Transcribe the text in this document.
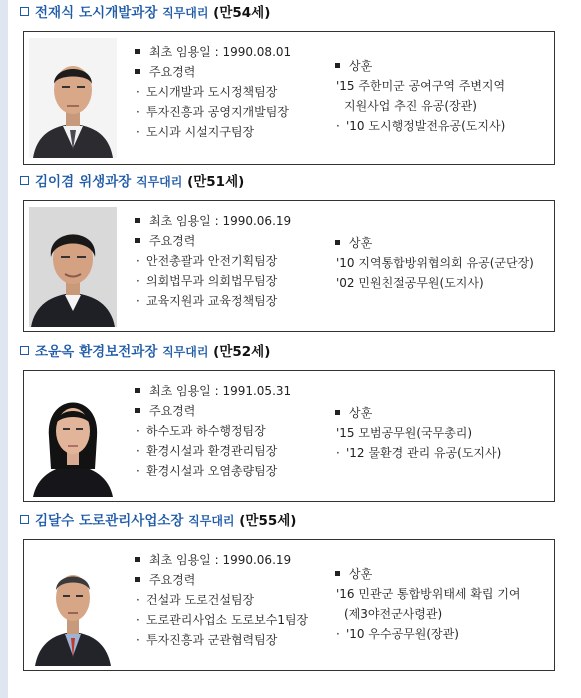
전재식 도시개발과장 직무대리 (만54세)
최초 임용일 : 1990.08.01
주요경력
· 도시개발과 도시정책팀장
· 투자진흥과 공영지개발팀장
· 도시과 시설지구팀장
상훈
'15 주한미군 공여구역 주변지역
지원사업 추진 유공(장관)
· '10 도시행정발전유공(도지사)
김이겸 위생과장 직무대리 (만51세)
최초 임용일 : 1990.06.19
주요경력
· 안전총괄과 안전기획팀장
· 의회법무과 의회법무팀장
· 교육지원과 교육정책팀장
상훈
'10 지역통합방위협의회 유공(군단장)
'02 민원친절공무원(도지사)
조윤옥 환경보전과장 직무대리 (만52세)
최초 임용일 : 1991.05.31
주요경력
· 하수도과 하수행정팀장
· 환경시설과 환경관리팀장
· 환경시설과 오염총량팀장
상훈
'15 모범공무원(국무총리)
· '12 물환경 관리 유공(도지사)
김달수 도로관리사업소장 직무대리 (만55세)
최초 임용일 : 1990.06.19
주요경력
· 건설과 도로건설팀장
· 도로관리사업소 도로보수1팀장
· 투자진흥과 군관협력팀장
상훈
'16 민관군 통합방위태세 확립 기여
(제3야전군사령관)
· '10 우수공무원(장관)
